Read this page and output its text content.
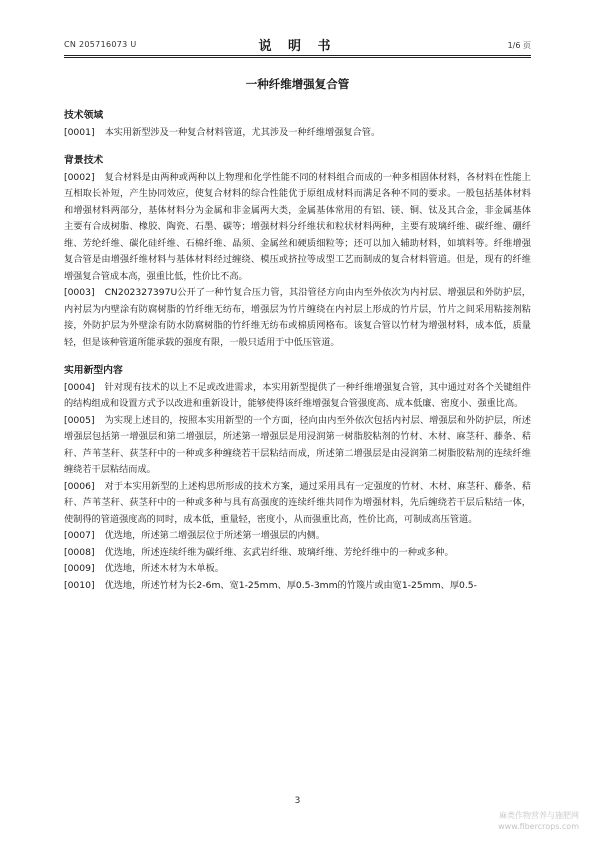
CN 205716073 U	说 明 书	1/6 页
一种纤维增强复合管

技术领域

[0001] 本实用新型涉及一种复合材料管道，尤其涉及一种纤维增强复合管。

背景技术

[0002] 复合材料是由两种或两种以上物理和化学性能不同的材料组合而成的一种多相固体材料，各材料在性能上互相取长补短，产生协同效应，使复合材料的综合性能优于原组成材料而满足各种不同的要求。一般包括基体材料和增强材料两部分，基体材料分为金属和非金属两大类，金属基体常用的有铝、镁、铜、钛及其合金，非金属基体主要有合成树脂、橡胶、陶瓷、石墨、碳等；增强材料分纤维状和粒状材料两种，主要有玻璃纤维、碳纤维、硼纤维、芳纶纤维、碳化硅纤维、石棉纤维、晶须、金属丝和硬质细粒等；还可以加入辅助材料，如填料等。纤维增强复合管是由增强纤维材料与基体材料经过缠绕、模压或挤拉等成型工艺而制成的复合材料管道。但是，现有的纤维增强复合管成本高，强重比低，性价比不高。

[0003] CN202327397U公开了一种竹复合压力管，其沿管径方向由内至外依次为内衬层、增强层和外防护层，内衬层为内壁涂有防腐树脂的竹纤维无纺布，增强层为竹片缠绕在内衬层上形成的竹片层，竹片之间采用粘接剂粘接，外防护层为外壁涂有防水防腐树脂的竹纤维无纺布或棉质网格布。该复合管以竹材为增强材料，成本低，质量轻，但是该种管道所能承载的强度有限，一般只适用于中低压管道。

实用新型内容

[0004] 针对现有技术的以上不足或改进需求，本实用新型提供了一种纤维增强复合管，其中通过对各个关键组件的结构组成和设置方式予以改进和重新设计，能够使得该纤维增强复合管强度高、成本低廉、密度小、强重比高。

[0005] 为实现上述目的，按照本实用新型的一个方面，径向由内至外依次包括内衬层、增强层和外防护层，所述增强层包括第一增强层和第二增强层，所述第一增强层是用浸润第一树脂胶粘剂的竹材、木材、麻茎秆、藤条、秸秆、芦苇茎秆、荻茎秆中的一种或多种缠绕若干层粘结而成，所述第二增强层是由浸润第二树脂胶粘剂的连续纤维缠绕若干层粘结而成。

[0006] 对于本实用新型的上述构思所形成的技术方案，通过采用具有一定强度的竹材、木材、麻茎秆、藤条、秸秆、芦苇茎秆、荻茎秆中的一种或多种与具有高强度的连续纤维共同作为增强材料，先后缠绕若干层后粘结一体，使制得的管道强度高的同时，成本低，重量轻，密度小，从而强重比高，性价比高，可制成高压管道。

[0007] 优选地，所述第二增强层位于所述第一增强层的内侧。

[0008] 优选地，所述连续纤维为碳纤维、玄武岩纤维、玻璃纤维、芳纶纤维中的一种或多种。

[0009] 优选地，所述木材为木单板。

[0010] 优选地，所述竹材为长2-6m、宽1-25mm、厚0.5-3mm的竹篾片或由宽1-25mm、厚0.5-

3
麻类作物营养与施肥网
www.fibercrops.com
